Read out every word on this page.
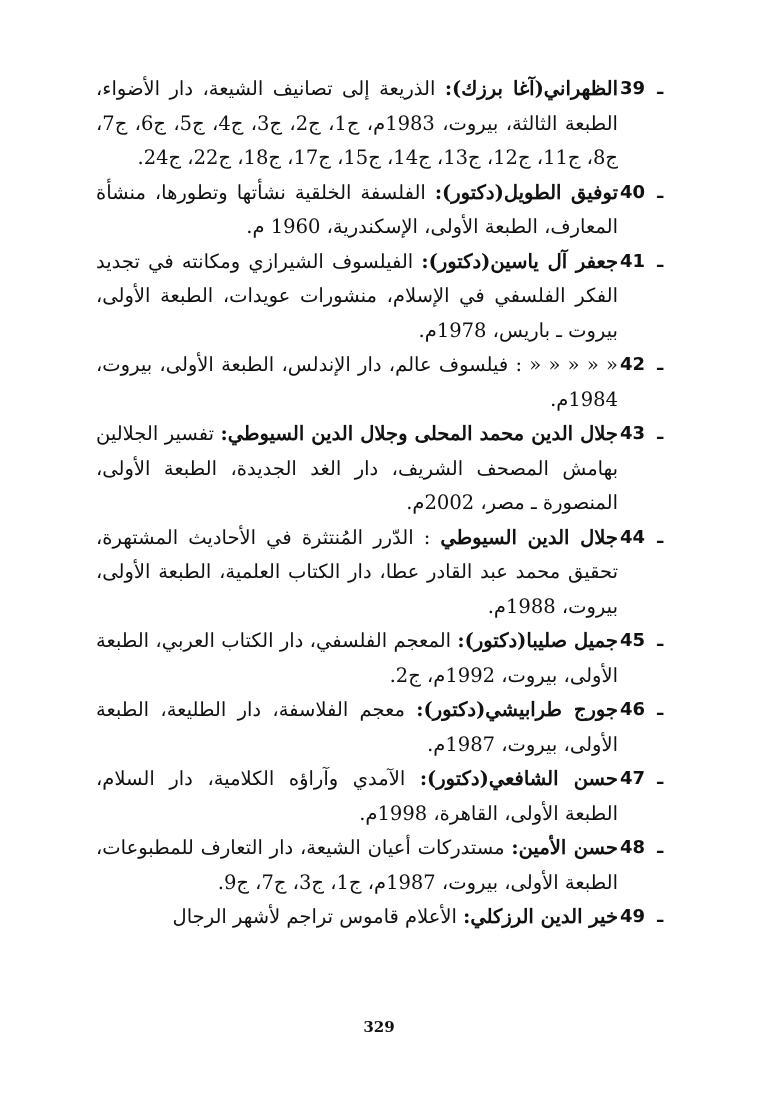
39 ـ
الظهراني(آغا برزك): الذريعة إلى تصانيف الشيعة، دار الأضواء، الطبعة الثالثة، بيروت، 1983م، ج1، ج2، ج3، ج4، ج5، ج6، ج7، ج8، ج11، ج12، ج13، ج14، ج15، ج17، ج18، ج22، ج24.
40 ـ
توفيق الطويل(دكتور): الفلسفة الخلقية نشأتها وتطورها، منشأة المعارف، الطبعة الأولى، الإسكندرية، 1960 م.
41 ـ
جعفر آل ياسين(دكتور): الفيلسوف الشيرازي ومكانته في تجديد الفكر الفلسفي في الإسلام، منشورات عويدات، الطبعة الأولى، بيروت ـ باريس، 1978م.
42 ـ
« « « « « : فيلسوف عالم، دار الإندلس، الطبعة الأولى، بيروت، 1984م.
43 ـ
جلال الدين محمد المحلى وجلال الدين السيوطي: تفسير الجلالين بهامش المصحف الشريف، دار الغد الجديدة، الطبعة الأولى، المنصورة ـ مصر، 2002م.
44 ـ
جلال الدين السيوطي : الدّرر المُنتثرة في الأحاديث المشتهرة، تحقيق محمد عبد القادر عطا، دار الكتاب العلمية، الطبعة الأولى، بيروت، 1988م.
45 ـ
جميل صليبا(دكتور): المعجم الفلسفي، دار الكتاب العربي، الطبعة الأولى، بيروت، 1992م، ج2.
46 ـ
جورج طرابيشي(دكتور): معجم الفلاسفة، دار الطليعة، الطبعة الأولى، بيروت، 1987م.
47 ـ
حسن الشافعي(دكتور): الآمدي وآراؤه الكلامية، دار السلام، الطبعة الأولى، القاهرة، 1998م.
48 ـ
حسن الأمين: مستدركات أعيان الشيعة، دار التعارف للمطبوعات، الطبعة الأولى، بيروت، 1987م، ج1، ج3، ج7، ج9.
49 ـ
خير الدين الرزكلي: الأعلام قاموس تراجم لأشهر الرجال
329
